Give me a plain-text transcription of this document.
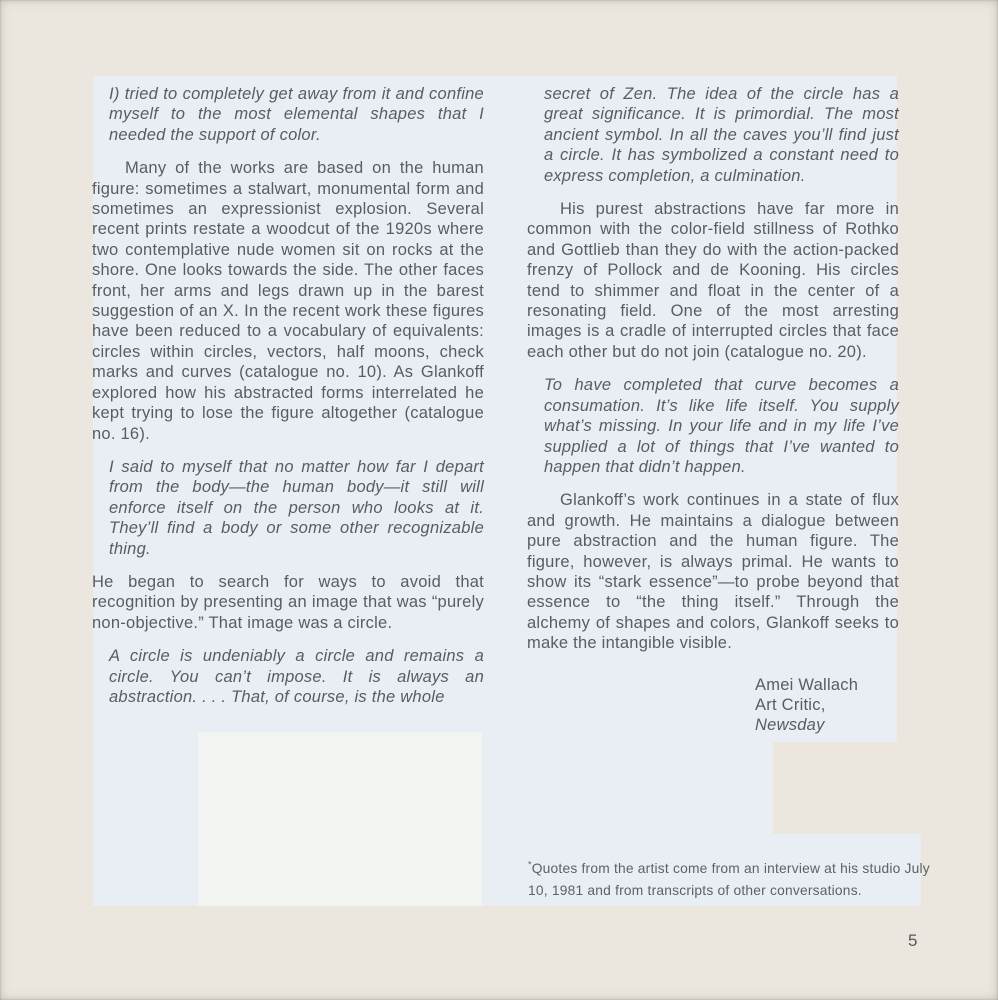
I) tried to completely get away from it and confine myself to the most elemental shapes that I needed the support of color.

Many of the works are based on the human figure: sometimes a stalwart, monumental form and sometimes an expressionist explosion. Several recent prints restate a woodcut of the 1920s where two contemplative nude women sit on rocks at the shore. One looks towards the side. The other faces front, her arms and legs drawn up in the barest suggestion of an X. In the recent work these figures have been reduced to a vocabulary of equivalents: circles within circles, vectors, half moons, check marks and curves (catalogue no. 10). As Glankoff explored how his abstracted forms interrelated he kept trying to lose the figure altogether (catalogue no. 16).

I said to myself that no matter how far I depart from the body—the human body—it still will enforce itself on the person who looks at it. They’ll find a body or some other recognizable thing.

He began to search for ways to avoid that recognition by presenting an image that was “purely non-objective.” That image was a circle.

A circle is undeniably a circle and remains a circle. You can’t impose. It is always an abstraction. . . . That, of course, is the whole

secret of Zen. The idea of the circle has a great significance. It is primordial. The most ancient symbol. In all the caves you’ll find just a circle. It has symbolized a constant need to express completion, a culmination.

His purest abstractions have far more in common with the color-field stillness of Rothko and Gottlieb than they do with the action-packed frenzy of Pollock and de Kooning. His circles tend to shimmer and float in the center of a resonating field. One of the most arresting images is a cradle of interrupted circles that face each other but do not join (catalogue no. 20).

To have completed that curve becomes a consumation. It’s like life itself. You supply what’s missing. In your life and in my life I’ve supplied a lot of things that I’ve wanted to happen that didn’t happen.

Glankoff’s work continues in a state of flux and growth. He maintains a dialogue between pure abstraction and the human figure. The figure, however, is always primal. He wants to show its “stark essence”—to probe beyond that essence to “the thing itself.” Through the alchemy of shapes and colors, Glankoff seeks to make the intangible visible.

Amei Wallach
Art Critic, Newsday
*Quotes from the artist come from an interview at his studio July 10, 1981 and from transcripts of other conversations.
5
